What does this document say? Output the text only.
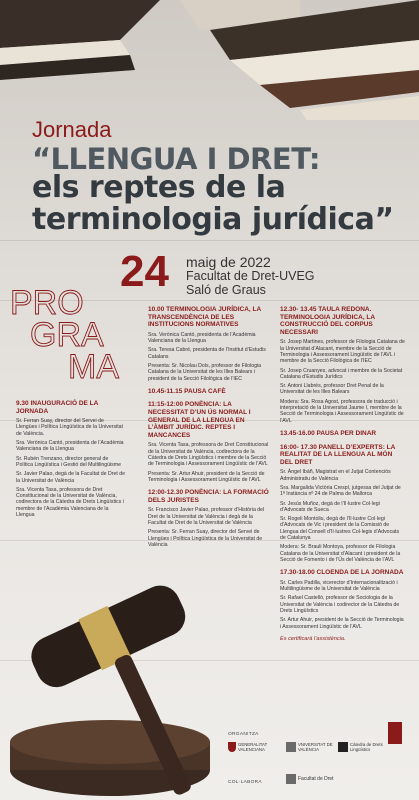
Jornada
“LLENGUA I DRET:
els reptes de la
terminologia jurídica”
24 maig de 2022
Facultat de Dret-UVEG
Saló de Graus
PRO
GRA
MA
9.30 INAUGURACIÓ DE LA JORNADA

Sr. Ferran Suay, director del Servei de Llengües i Política Lingüística de la Universitat de València.

Sra. Verònica Cantó, presidenta de l’Acadèmia Valenciana de la Llengua

Sr. Rubén Trenzano, director general de Política Lingüística i Gestió del Multilingüisme

Sr. Javier Palao, degà de la Facultat de Dret de la Universitat de València

Sra. Vicenta Tasa, professora de Dret Constitucional de la Universitat de València, codirectora de la Càtedra de Drets Lingüístics i membre de l’Acadèmia Valenciana de la Llengua

10.00 TERMINOLOGIA JURÍDICA, LA TRANSCENDÈNCIA DE LES INSTITUCIONS NORMATIVES

Sra. Verònica Cantó, presidenta de l’Acadèmia Valenciana de la Llengua

Sra. Teresa Cabré, presidenta de l’Institut d’Estudis Catalans

Presenta: Sr. Nicolau Dols, professor de Filologia Catalana de la Universitat de les Illes Balears i president de la Secció Filològica de l’IEC

10.45-11.15 PAUSA CAFÈ
11:15-12:00 PONÈNCIA: LA NECESSITAT D’UN ÚS NORMAL I GENERAL DE LA LLENGUA EN L’ÀMBIT JURÍDIC. REPTES I MANCANCES

Sra. Vicenta Tasa, professora de Dret Constitucional de la Universitat de València, codirectora de la Càtedra de Drets Lingüístics i membre de la Secció de Terminologia i Assessorament Lingüístic de l’AVL

Presenta: Sr. Artur Ahuir, president de la Secció de Terminologia i Assessorament Lingüístic de l’AVL

12:00-12.30 PONÈNCIA: LA FORMACIÓ DELS JURISTES

Sr. Francisco Javier Palao, professor d’Història del Dret de la Universitat de València i degà de la Facultat de Dret de la Universitat de València

Presenta: Sr. Ferran Suay, director del Servei de Llengües i Política Lingüística de la Universitat de València

12.30- 13.45 TAULA REDONA. TERMINOLOGIA JURÍDICA, LA CONSTRUCCIÓ DEL CORPUS NECESSARI

Sr. Josep Martines, professor de Filologia Catalana de la Universitat d’Alacant, membre de la Secció de Terminologia i Assessorament Lingüístic de l’AVL i membre de la Secció Filològica de l’IEC

Sr. Josep Cruanyes, advocat i membre de la Societat Catalana d’Estudis Jurídics

Sr. Antoni Llabrés, professor Dret Penal de la Universitat de les Illes Balears

Modera: Sra. Rosa Agost, professora de traducció i interpretació de la Universitat Jaume I, membre de la Secció de Terminologia i Assessorament Lingüístic de l’AVL

13.45-16.00 PAUSA PER DINAR
16:00- 17.30 PANELL D’EXPERTS: LA REALITAT DE LA LLENGUA AL MÓN DEL DRET

Sr. Àngel Ibáñ, Magistrat en el Jutjat Contenciós Administratiu de València

Sra. Margalida Victòria Crespí, jutgessa del Jutjat de 1ª Instància nº 24 de Palma de Mallorca

Sr. Jesús Muñoz, degà de l’Il·lustre Col·legi d’Advocats de Sueca

Sr. Rogeli Montoliu, degà de l’Il·lustre Col·legi d’Advocats de Vic i president de la Comissió de Llengua del Consell d’Il·lustres Col·legis d’Advocats de Catalunya

Modera: Sr. Brauli Montoya, professor de Filologia Catalana de la Universitat d’Alacant i president de la Secció de Fomento i de l’Ús del València de l’AVL

17.30-18.00 CLOENDA DE LA JORNADA

Sr. Carles Padilla, vicerector d’Internacionalització i Multilingüisme de la Universitat de València

Sr. Rafael Castelló, professor de Sociologia de la Universitat de València i codirector de la Càtedra de Drets Lingüístics

Sr. Artur Ahuir, president de la Secció de Terminologia i Assessorament Lingüístic de l’AVL

Es certificarà l’assistència.

ORGANITZA
GENERALITAT VALENCIANA
VNIVERSITAT DE VALÈNCIA
Càtedra de Drets Lingüístics
COL·LABORA
Facultat de Dret
